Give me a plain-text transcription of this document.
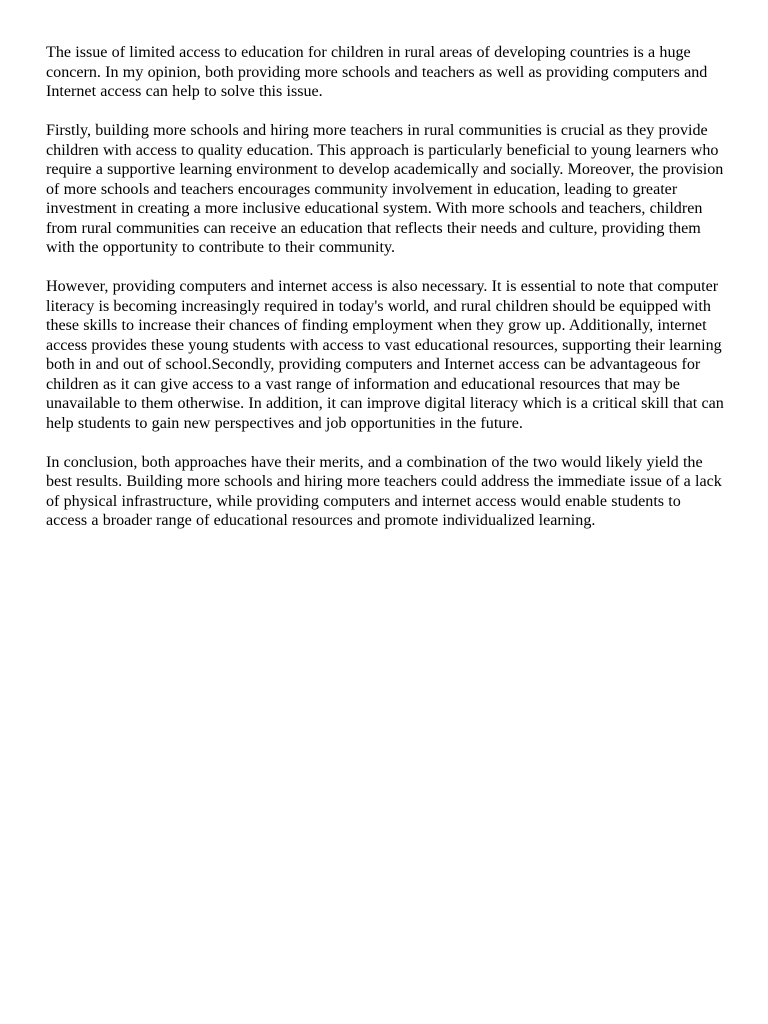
The issue of limited access to education for children in rural areas of developing countries is a huge concern. In my opinion, both providing more schools and teachers as well as providing computers and Internet access can help to solve this issue.

Firstly, building more schools and hiring more teachers in rural communities is crucial as they provide children with access to quality education. This approach is particularly beneficial to young learners who require a supportive learning environment to develop academically and socially. Moreover, the provision of more schools and teachers encourages community involvement in education, leading to greater investment in creating a more inclusive educational system. With more schools and teachers, children from rural communities can receive an education that reflects their needs and culture, providing them with the opportunity to contribute to their community.

However, providing computers and internet access is also necessary. It is essential to note that computer literacy is becoming increasingly required in today's world, and rural children should be equipped with these skills to increase their chances of finding employment when they grow up. Additionally, internet access provides these young students with access to vast educational resources, supporting their learning both in and out of school.Secondly, providing computers and Internet access can be advantageous for children as it can give access to a vast range of information and educational resources that may be unavailable to them otherwise. In addition, it can improve digital literacy which is a critical skill that can help students to gain new perspectives and job opportunities in the future.

In conclusion, both approaches have their merits, and a combination of the two would likely yield the best results. Building more schools and hiring more teachers could address the immediate issue of a lack of physical infrastructure, while providing computers and internet access would enable students to access a broader range of educational resources and promote individualized learning.
